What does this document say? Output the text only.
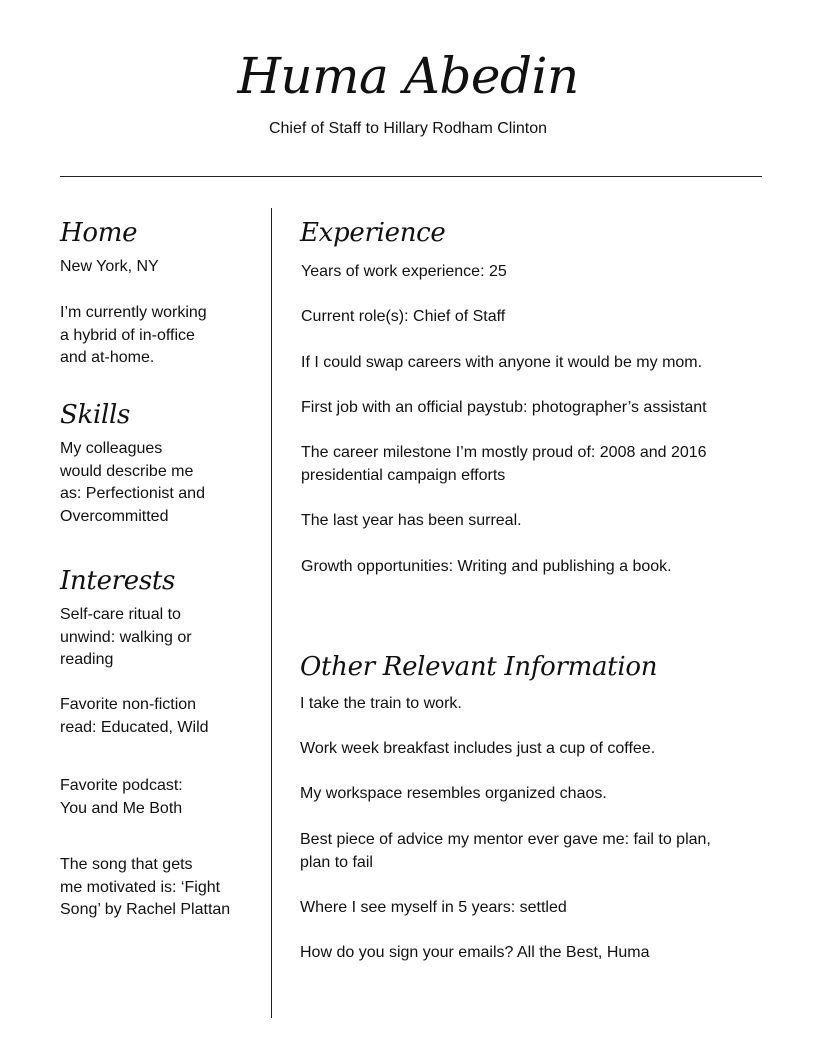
Huma Abedin
Chief of Staff to Hillary Rodham Clinton
Home

New York, NY

I’m currently working
a hybrid of in-office
and at-home.

Skills

My colleagues
would describe me
as: Perfectionist and
Overcommitted

Interests

Self-care ritual to
unwind: walking or
reading

Favorite non-fiction
read: Educated, Wild

Favorite podcast:
You and Me Both

The song that gets
me motivated is: ‘Fight
Song’ by Rachel Plattan

Experience

Years of work experience: 25

Current role(s): Chief of Staff

If I could swap careers with anyone it would be my mom.

First job with an official paystub: photographer’s assistant

The career milestone I’m mostly proud of: 2008 and 2016
presidential campaign efforts

The last year has been surreal.

Growth opportunities: Writing and publishing a book.

Other Relevant Information

I take the train to work.

Work week breakfast includes just a cup of coffee.

My workspace resembles organized chaos.

Best piece of advice my mentor ever gave me: fail to plan,
plan to fail

Where I see myself in 5 years: settled

How do you sign your emails? All the Best, Huma
